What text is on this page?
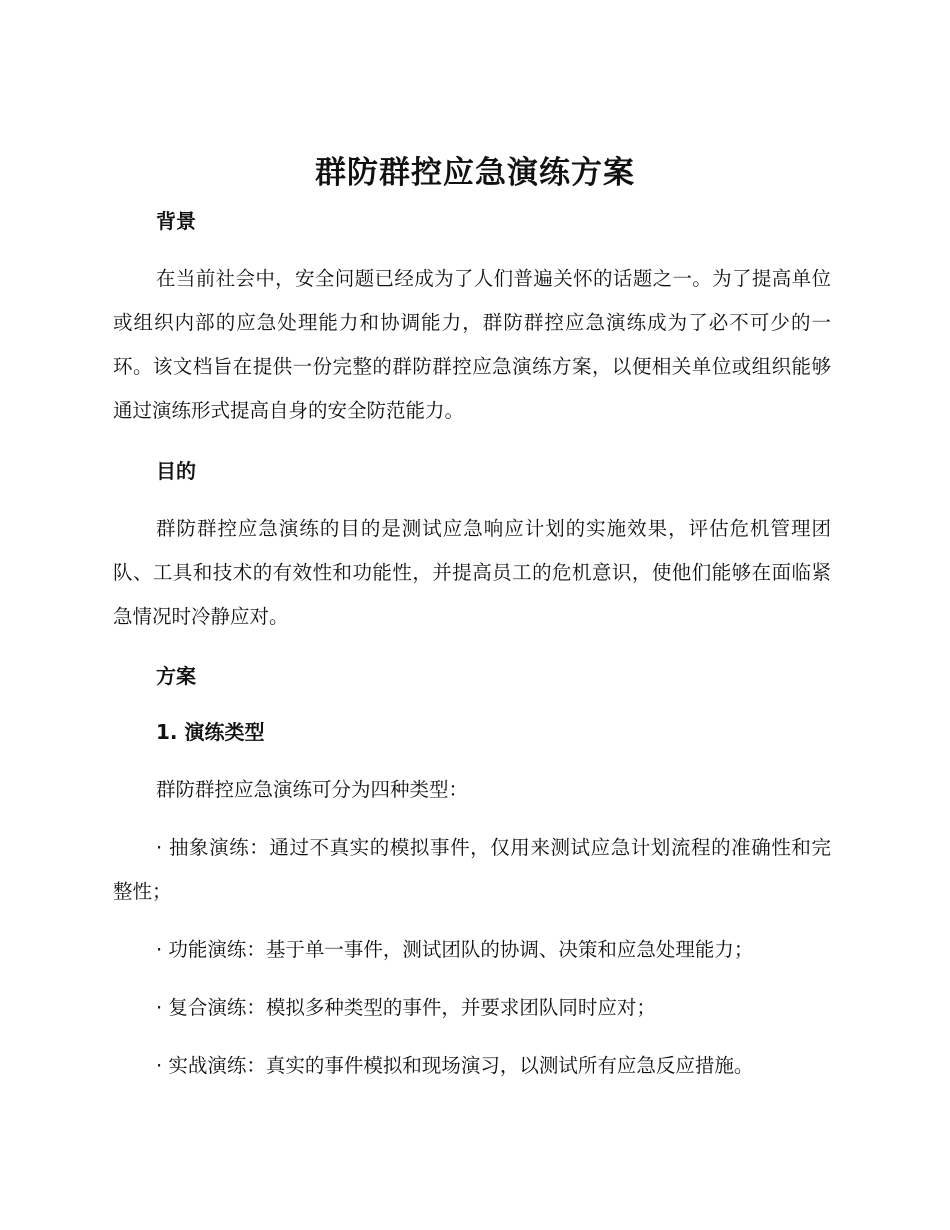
群防群控应急演练方案
背景

在当前社会中，安全问题已经成为了人们普遍关怀的话题之一。为了提高单位或组织内部的应急处理能力和协调能力，群防群控应急演练成为了必不可少的一环。该文档旨在提供一份完整的群防群控应急演练方案，以便相关单位或组织能够通过演练形式提高自身的安全防范能力。

目的

群防群控应急演练的目的是测试应急响应计划的实施效果，评估危机管理团队、工具和技术的有效性和功能性，并提高员工的危机意识，使他们能够在面临紧急情况时冷静应对。

方案
1. 演练类型

群防群控应急演练可分为四种类型：

· 抽象演练：通过不真实的模拟事件，仅用来测试应急计划流程的准确性和完整性；

· 功能演练：基于单一事件，测试团队的协调、决策和应急处理能力；

· 复合演练：模拟多种类型的事件，并要求团队同时应对；

· 实战演练：真实的事件模拟和现场演习，以测试所有应急反应措施。
